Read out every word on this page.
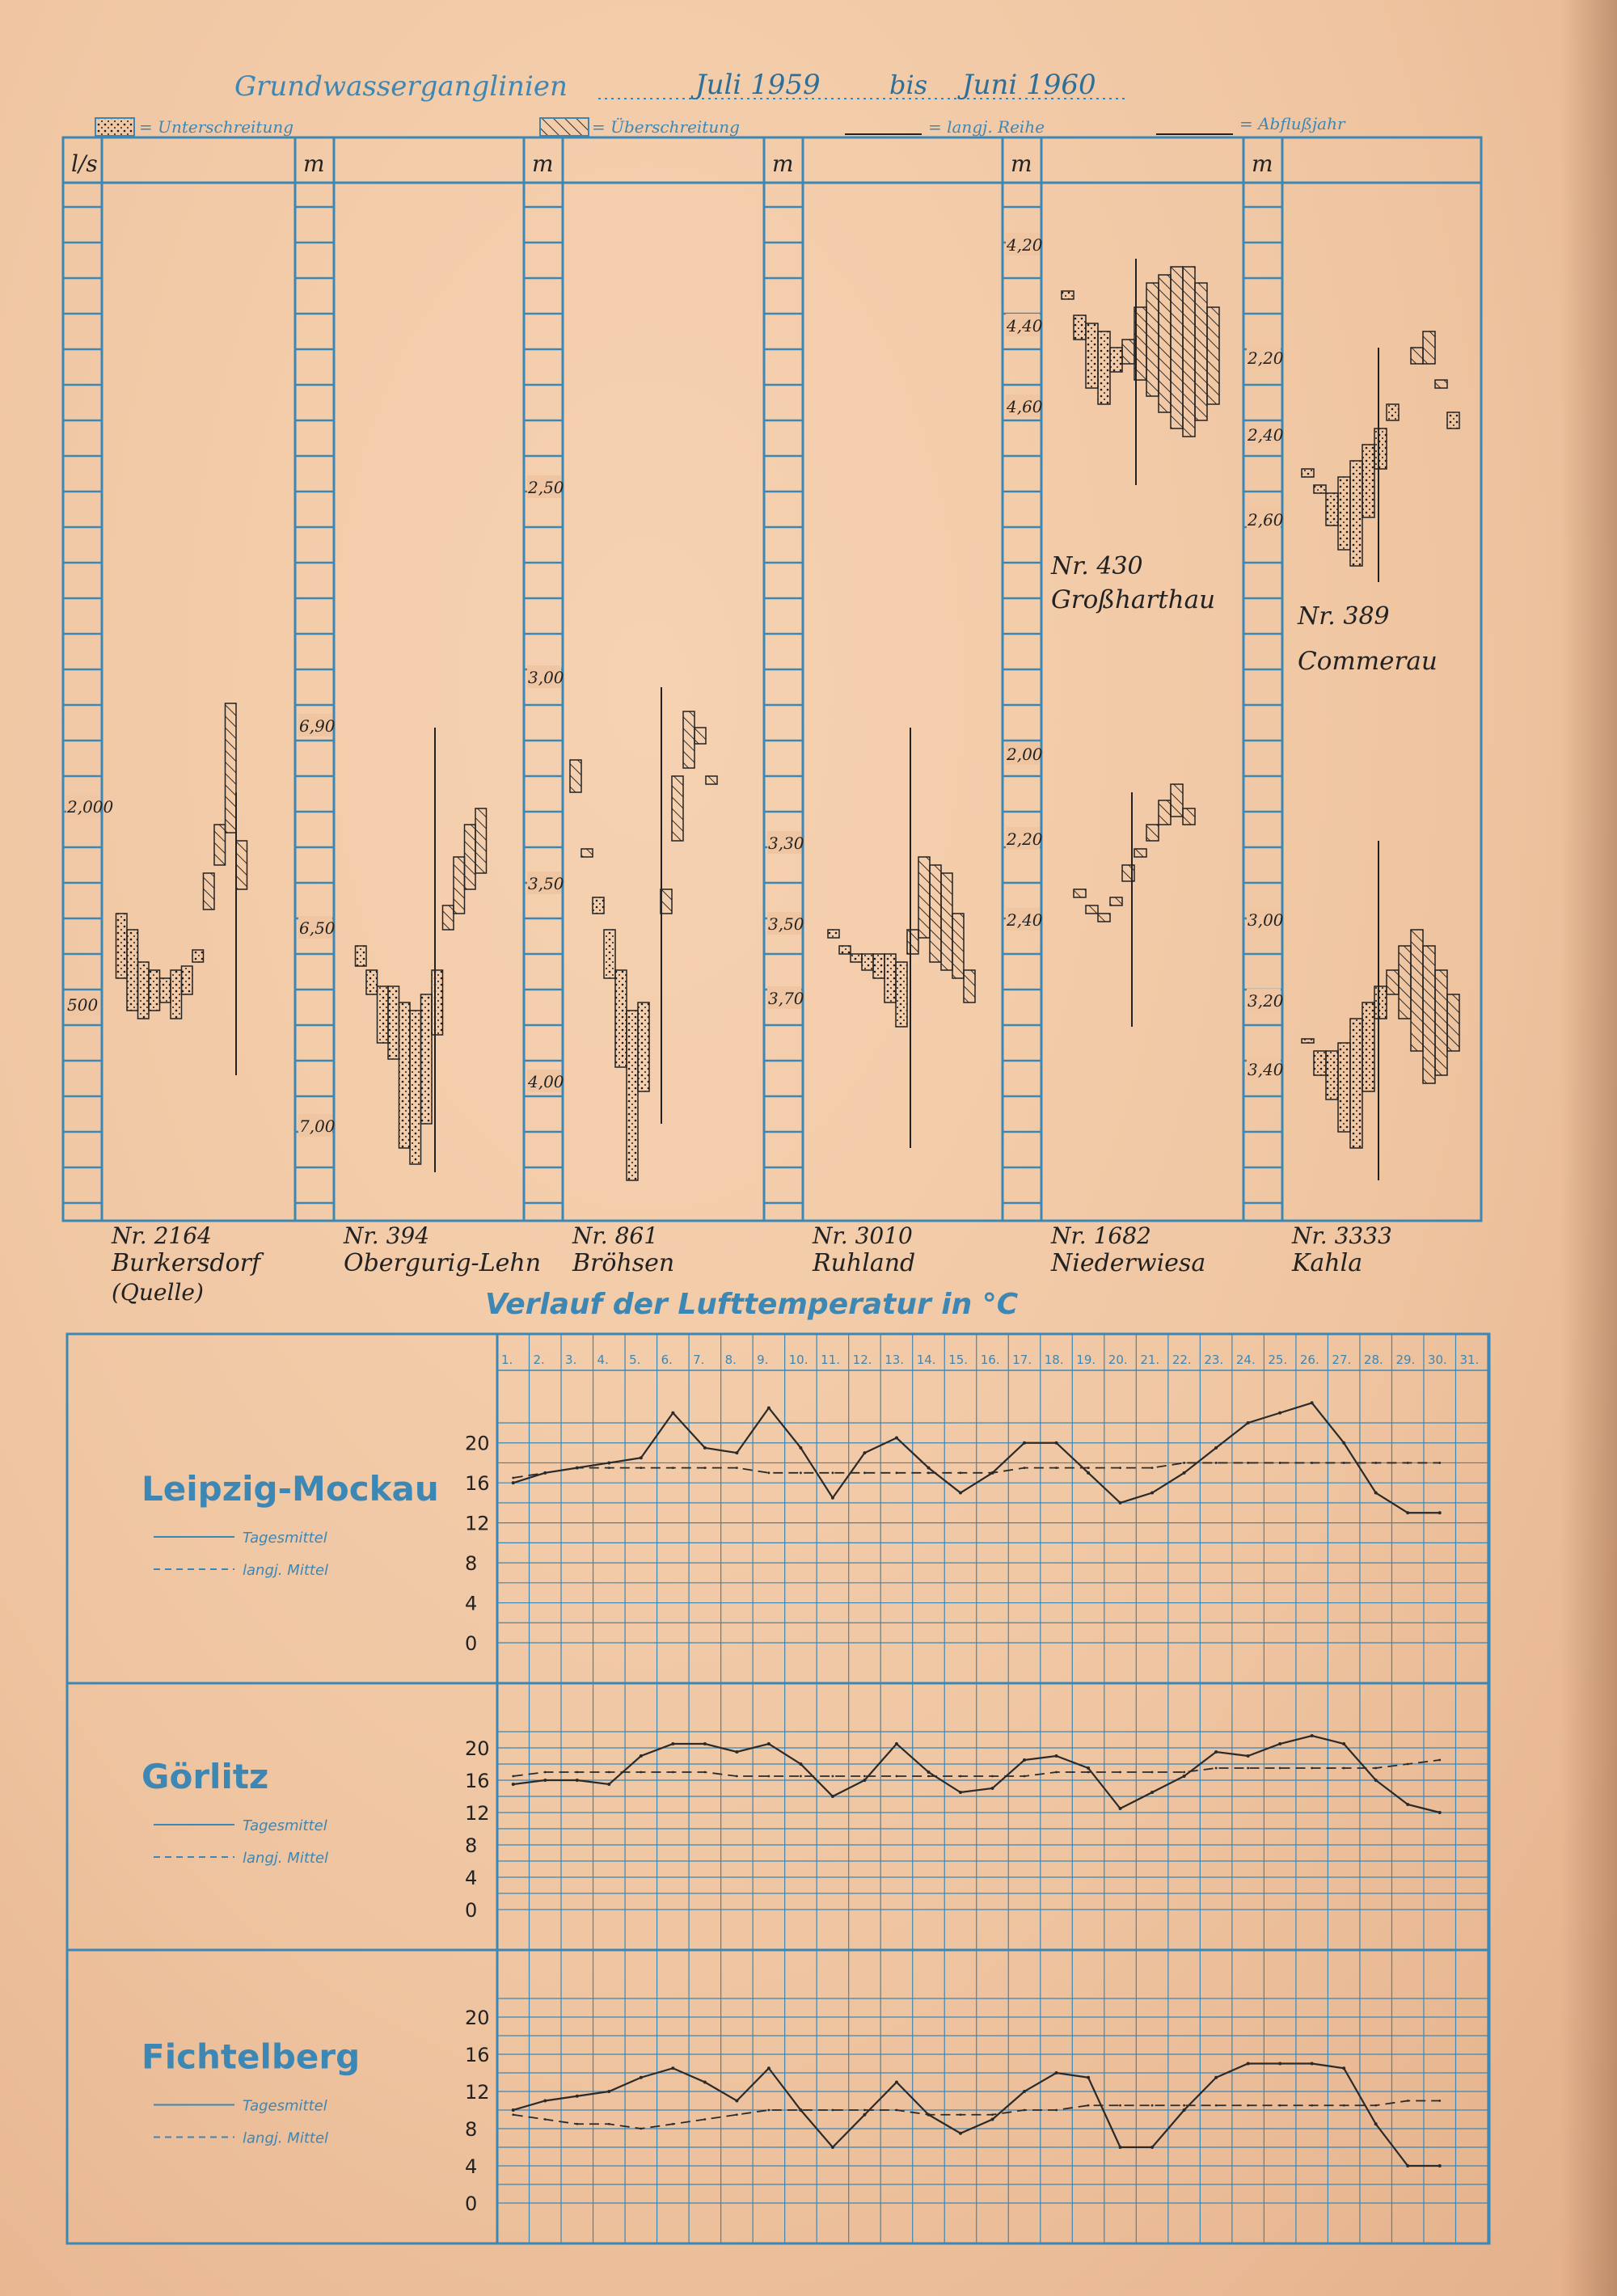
Grundwasserganglinien	Juli 1959	bis Juni 1960
= Unterschreitung	= Überschreitung	= langj. Reihe	= Abflußjahr
l/s
Nr. 2164
Burkersdorf
(Quelle)
m
Nr. 394
Obergurig-Lehn
m
Nr. 861
Bröhsen
m
Nr. 3010
Ruhland
m
Nr. 1682
Niederwiesa
m
Nr. 3333
Kahla
2,000
500
6,90
6,50
7,00
2,50
3,00
3,50
4,00
3,30
3,50
3,70
4,20
4,40
4,60
2,00
2,20
2,40
2,20
2,40
2,60
3,00
3,20
3,40
Nr. 430
Großharthau
Nr. 389
Commerau
Verlauf der Lufttemperatur in °C
1. 2. 3. 4. 5. 6. 7. 8. 9. 10. 11. 12. 13. 14. 15. 16. 17. 18. 19. 20. 21. 22. 23. 24. 25. 26. 27. 28. 29. 30. 31.
20
16
12
8
4
0
Leipzig-Mockau
Tagesmittel
langj. Mittel
20
16
12
8
4
0
Görlitz
Tagesmittel
langj. Mittel
20
16
12
8
4
0
Fichtelberg
Tagesmittel
langj. Mittel
